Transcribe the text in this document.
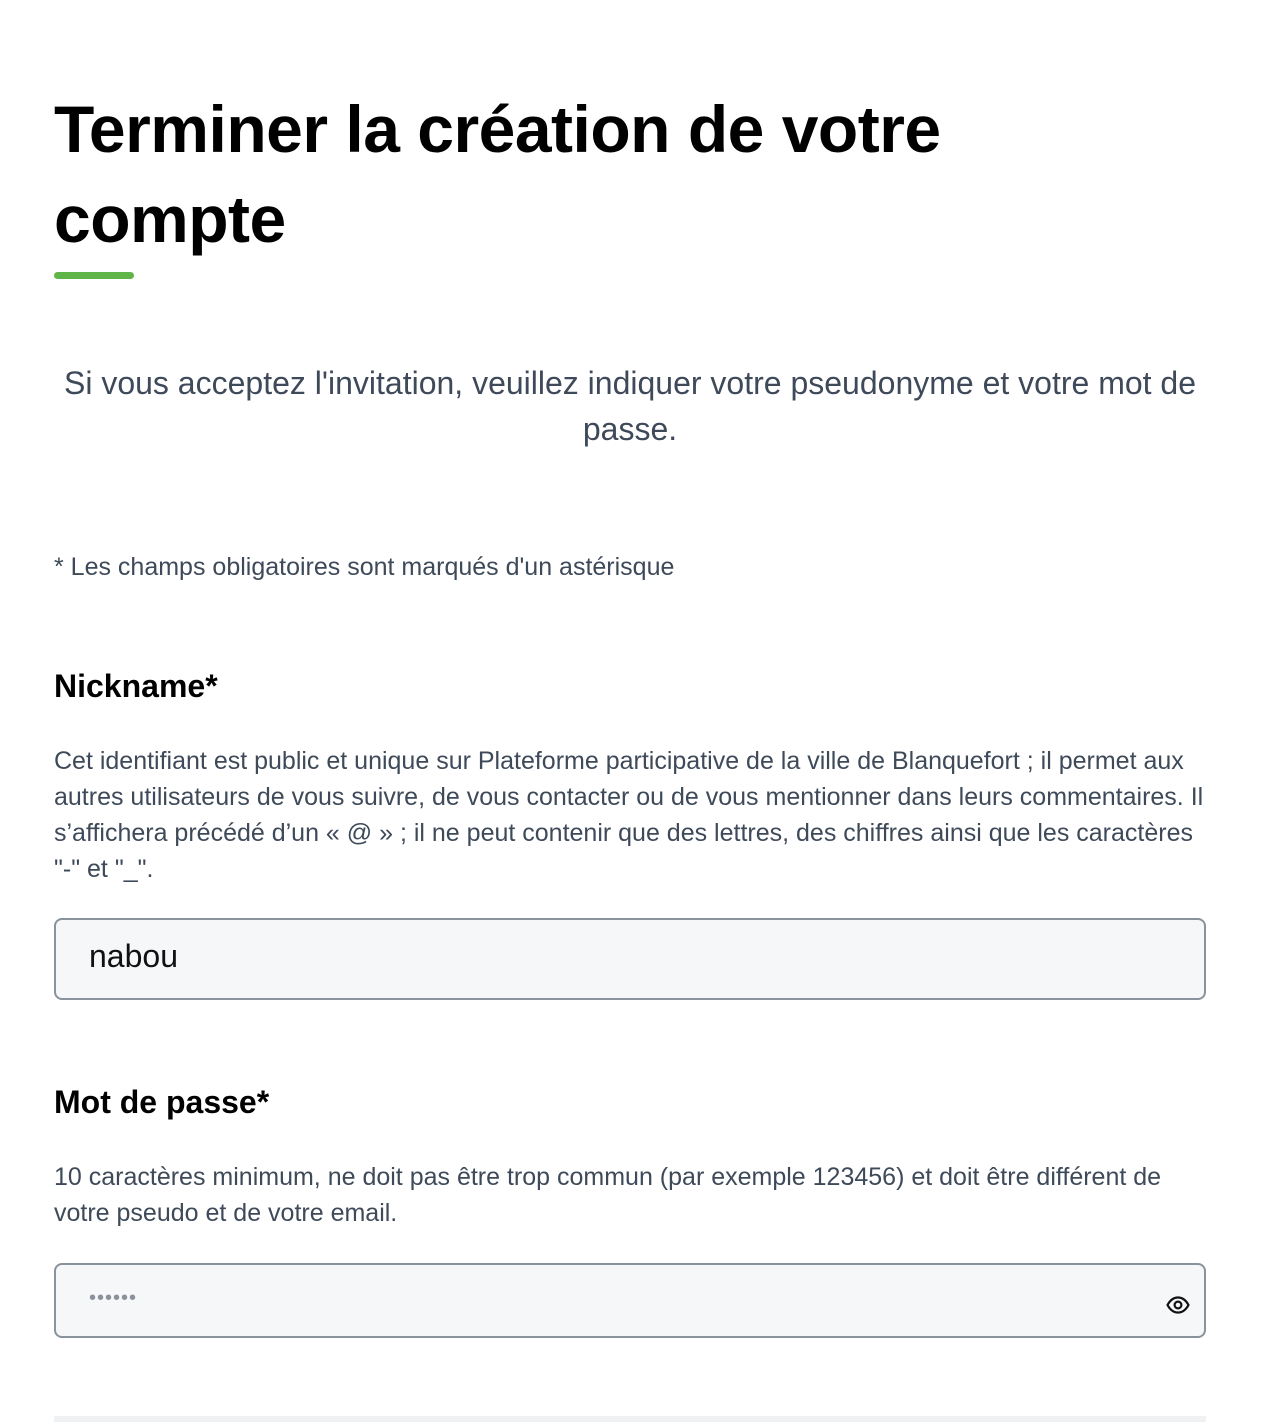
Terminer la création de votre compte

Si vous acceptez l'invitation, veuillez indiquer votre pseudonyme et votre mot de passe.

* Les champs obligatoires sont marqués d'un astérisque

Nickname*

Cet identifiant est public et unique sur Plateforme participative de la ville de Blanquefort ; il permet aux autres utilisateurs de vous suivre, de vous contacter ou de vous mentionner dans leurs commentaires. Il s’affichera précédé d’un « @ » ; il ne peut contenir que des lettres, des chiffres ainsi que les caractères "-" et "_".

nabou
Mot de passe*

10 caractères minimum, ne doit pas être trop commun (par exemple 123456) et doit être différent de votre pseudo et de votre email.

••••••
